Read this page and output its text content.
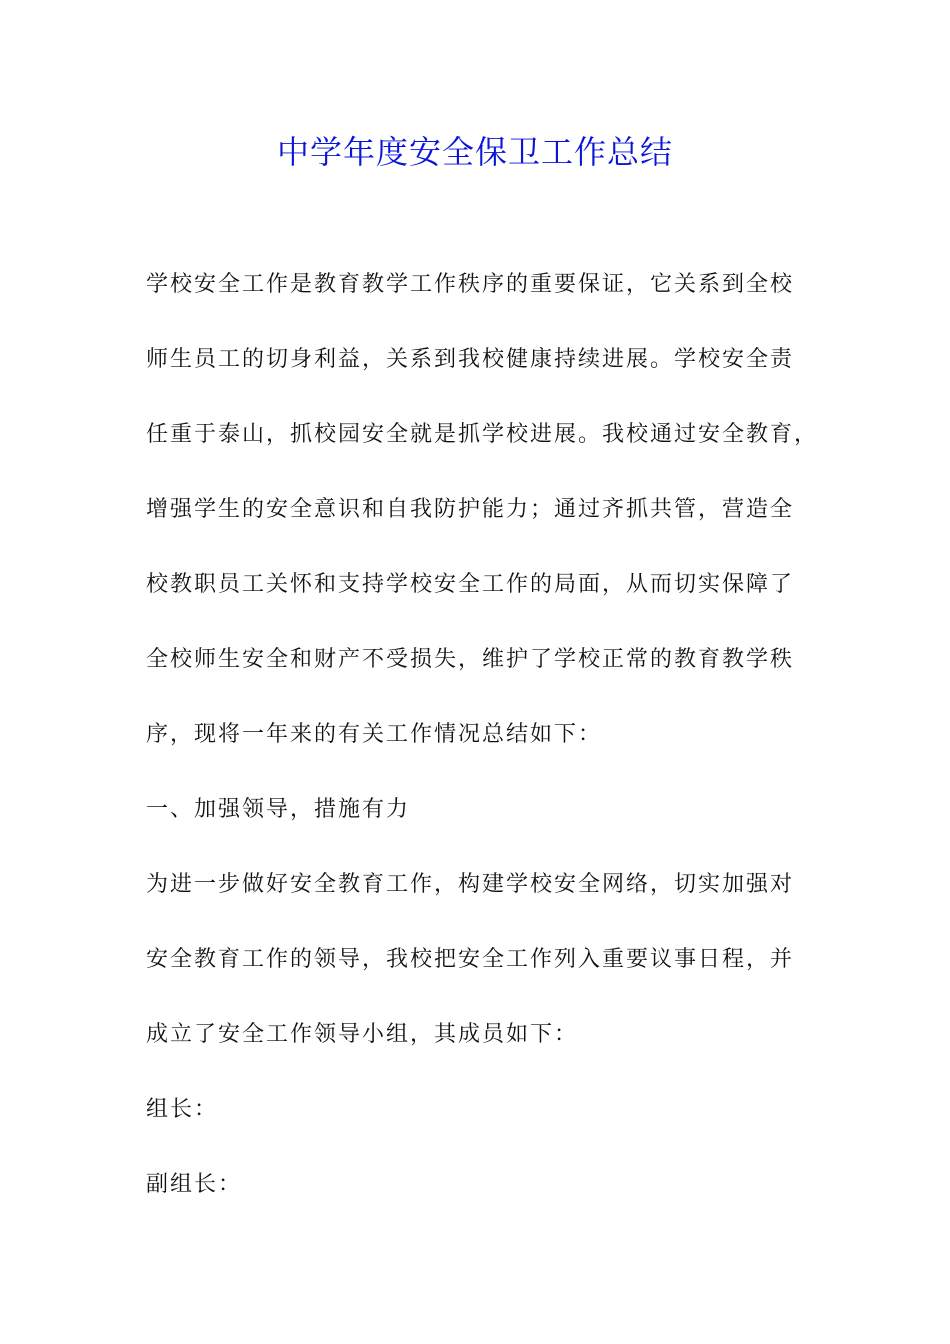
中学年度安全保卫工作总结

学校安全工作是教育教学工作秩序的重要保证，它关系到全校

师生员工的切身利益，关系到我校健康持续进展。学校安全责

任重于泰山，抓校园安全就是抓学校进展。我校通过安全教育，

增强学生的安全意识和自我防护能力；通过齐抓共管，营造全

校教职员工关怀和支持学校安全工作的局面，从而切实保障了

全校师生安全和财产不受损失，维护了学校正常的教育教学秩

序，现将一年来的有关工作情况总结如下：

一、加强领导，措施有力

为进一步做好安全教育工作，构建学校安全网络，切实加强对

安全教育工作的领导，我校把安全工作列入重要议事日程，并

成立了安全工作领导小组，其成员如下：

组长：

副组长：
